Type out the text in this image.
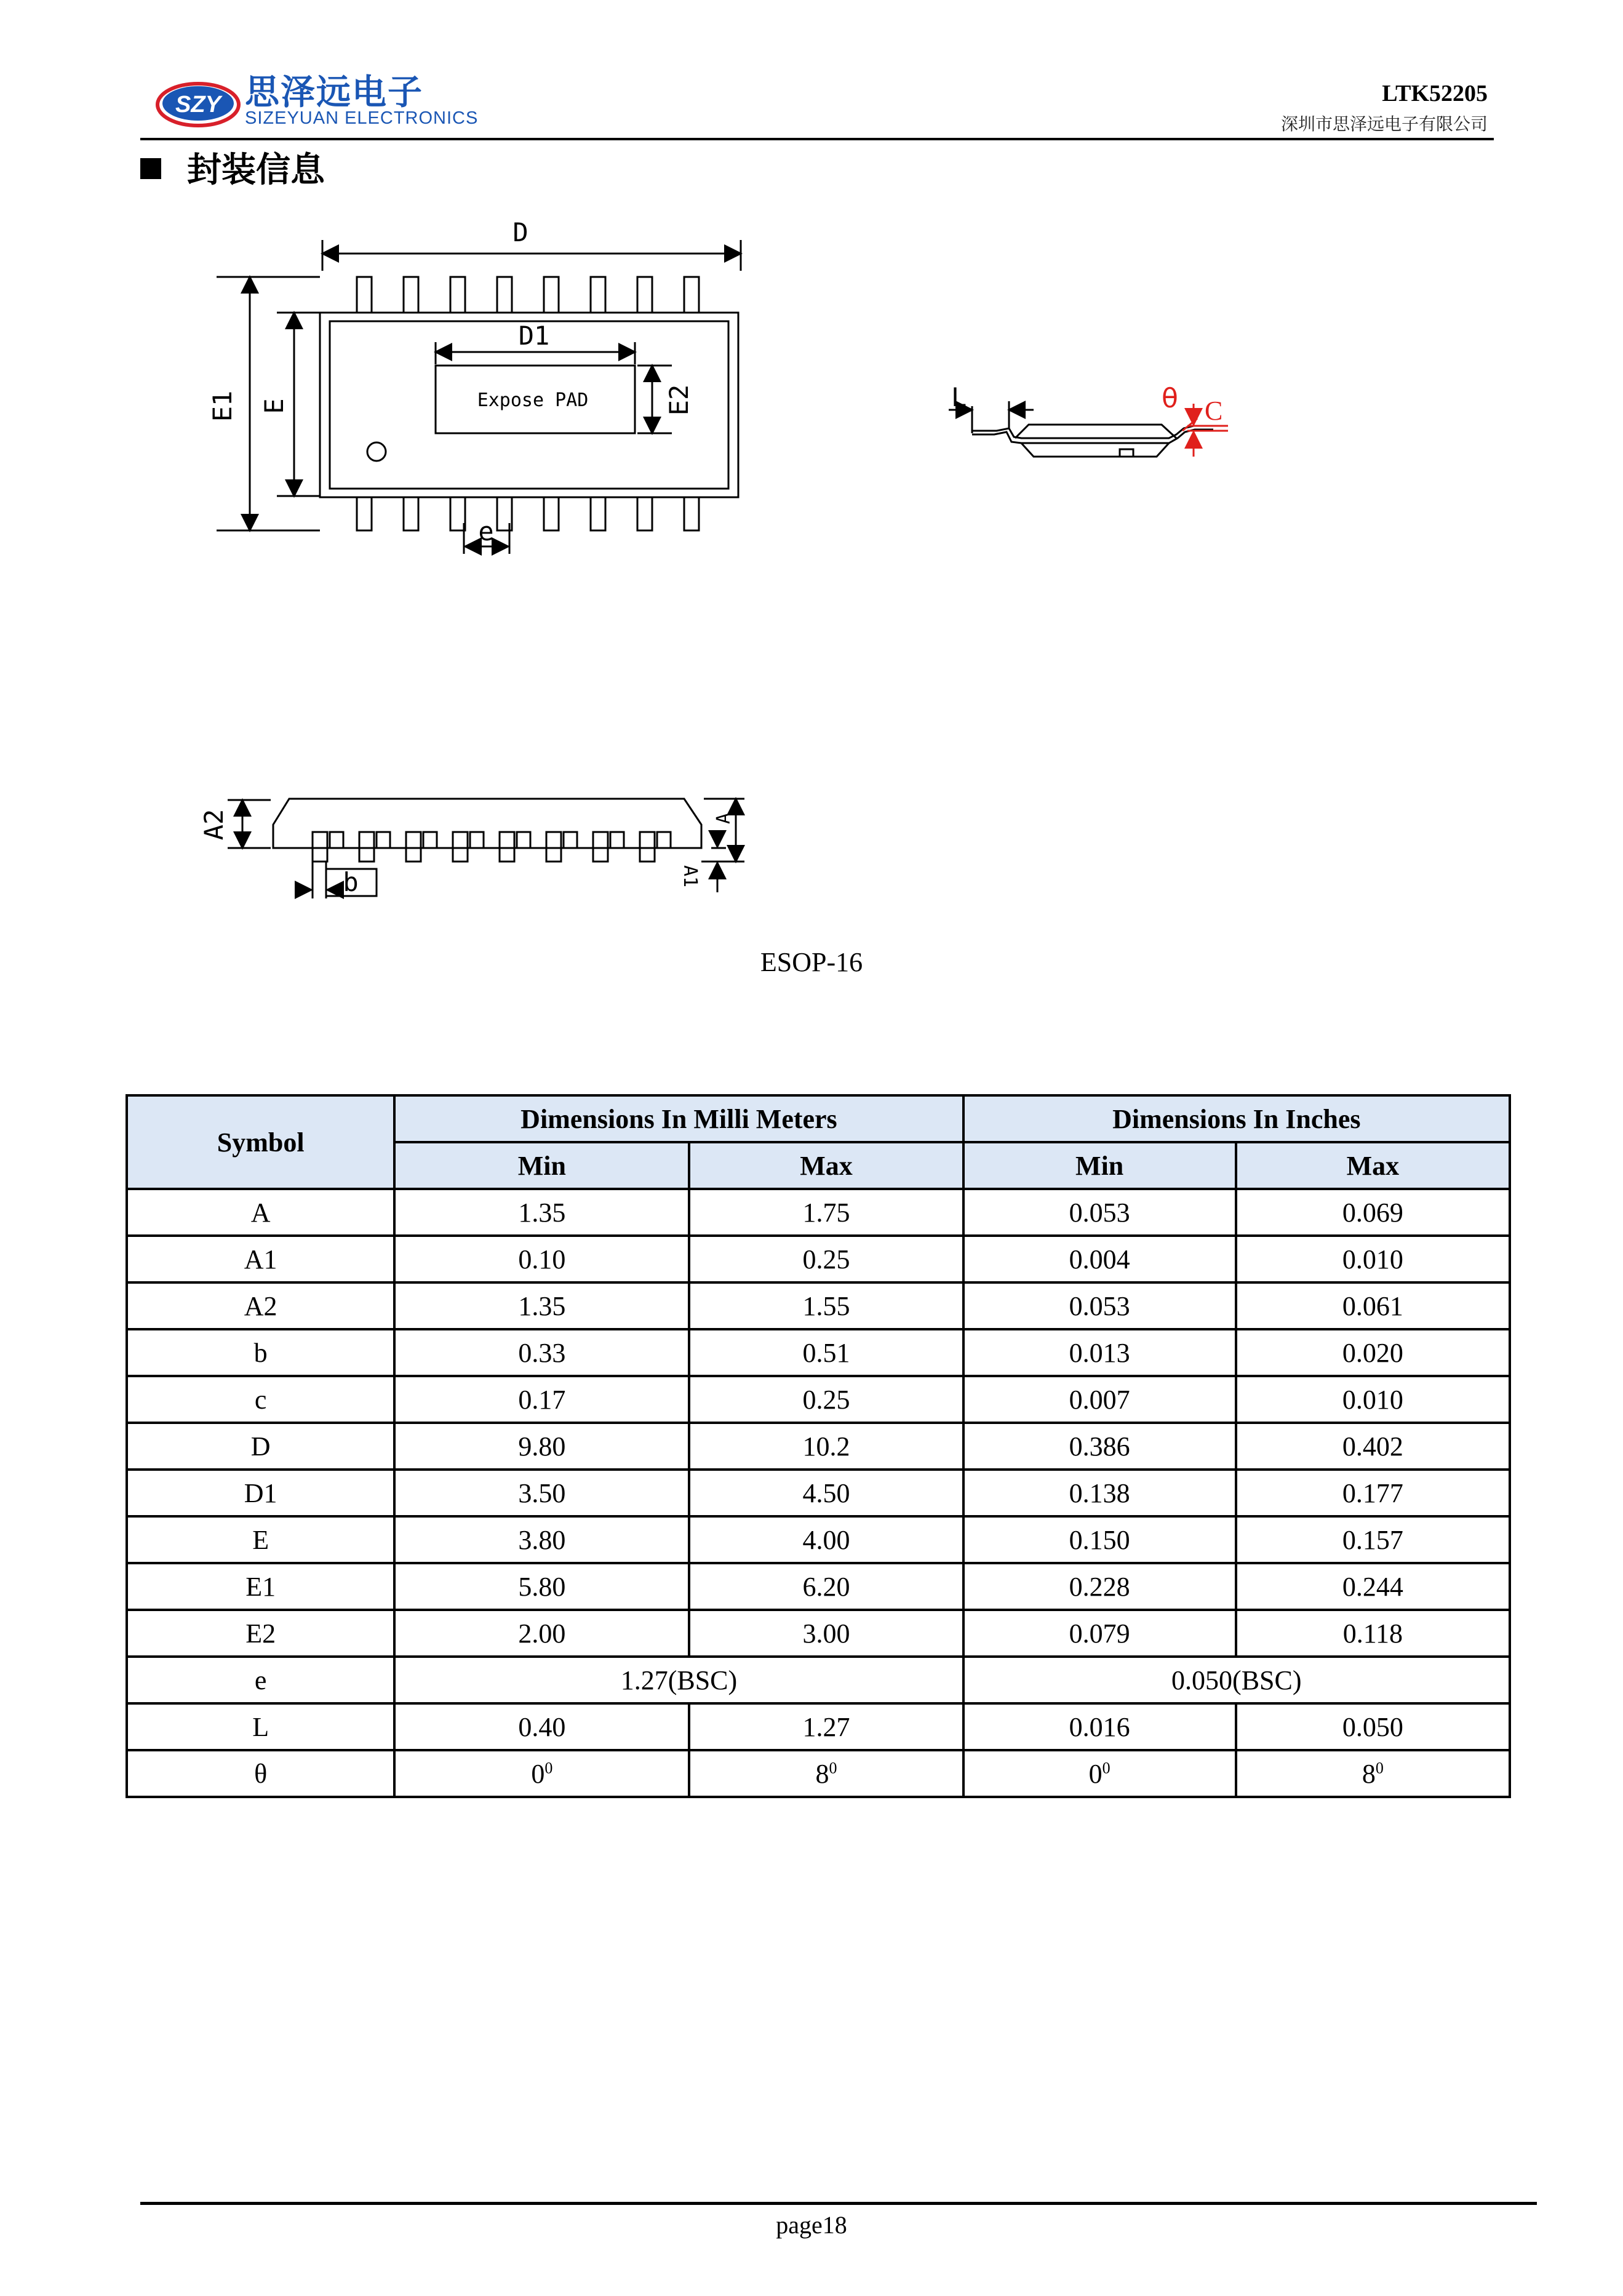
SZY 思泽远电子
SIZEYUAN ELECTRONICS
LTK52205
深圳市思泽远电子有限公司
封装信息
D
D1
Expose PAD
E1 E	E2
e
L	θ C
A2	A
A1
b
ESOP-16
Symbol	Dimensions In Milli Meters		Dimensions In Inches	
	Min	Max	Min	Max
A	1.35	1.75	0.053	0.069
A1	0.10	0.25	0.004	0.010
A2	1.35	1.55	0.053	0.061
b	0.33	0.51	0.013	0.020
c	0.17	0.25	0.007	0.010
D	9.80	10.2	0.386	0.402
D1	3.50	4.50	0.138	0.177
E	3.80	4.00	0.150	0.157
E1	5.80	6.20	0.228	0.244
E2	2.00	3.00	0.079	0.118
e	1.27(BSC)		0.050(BSC)	
L	0.40	1.27	0.016	0.050
θ	$0^0$	$8^0$	$0^0$	$8^0$
page18
